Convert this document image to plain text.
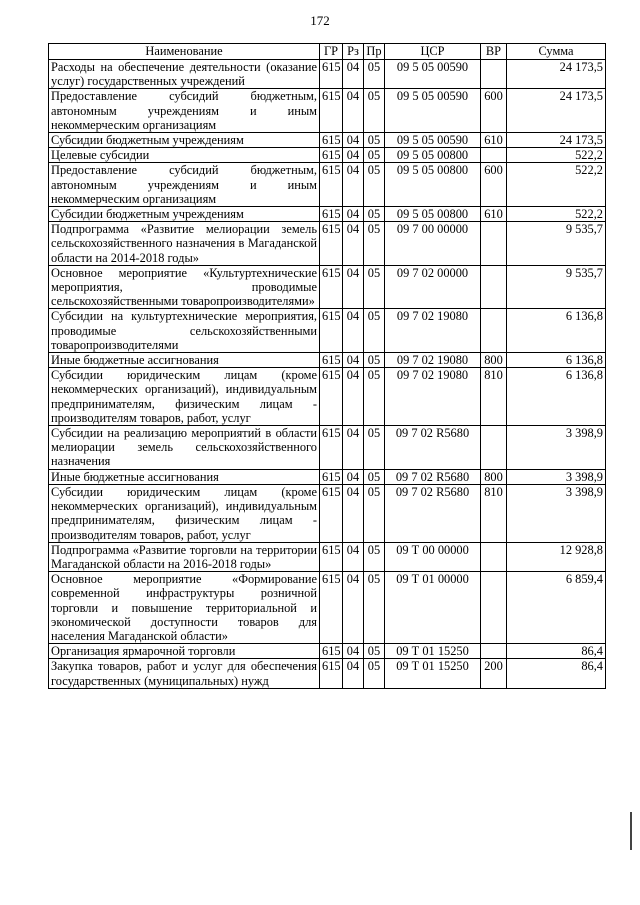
172
Наименование	ГР	Рз	Пр	ЦСР	ВР	Сумма
Расходы на обеспечение деятельности (оказание услуг) государственных учреждений	615	04	05	09 5 05 00590		24 173,5
Предоставление субсидий бюджетным, автономным учреждениям и иным некоммерческим организациям	615	04	05	09 5 05 00590	600	24 173,5
Субсидии бюджетным учреждениям	615	04	05	09 5 05 00590	610	24 173,5
Целевые субсидии	615	04	05	09 5 05 00800		522,2
Предоставление субсидий бюджетным, автономным учреждениям и иным некоммерческим организациям	615	04	05	09 5 05 00800	600	522,2
Субсидии бюджетным учреждениям	615	04	05	09 5 05 00800	610	522,2
Подпрограмма «Развитие мелиорации земель сельскохозяйственного назначения в Магаданской области на 2014-2018 годы»	615	04	05	09 7 00 00000		9 535,7
Основное мероприятие «Культуртехнические мероприятия, проводимые сельскохозяйственными товаропроизводителями»	615	04	05	09 7 02 00000		9 535,7
Субсидии на культуртехнические мероприятия, проводимые сельскохозяйственными товаропроизводителями	615	04	05	09 7 02 19080		6 136,8
Иные бюджетные ассигнования	615	04	05	09 7 02 19080	800	6 136,8
Субсидии юридическим лицам (кроме некоммерческих организаций), индивидуальным предпринимателям, физическим лицам - производителям товаров, работ, услуг	615	04	05	09 7 02 19080	810	6 136,8
Субсидии на реализацию мероприятий в области мелиорации земель сельскохозяйственного назначения	615	04	05	09 7 02 R5680		3 398,9
Иные бюджетные ассигнования	615	04	05	09 7 02 R5680	800	3 398,9
Субсидии юридическим лицам (кроме некоммерческих организаций), индивидуальным предпринимателям, физическим лицам - производителям товаров, работ, услуг	615	04	05	09 7 02 R5680	810	3 398,9
Подпрограмма «Развитие торговли на территории Магаданской области на 2016-2018 годы»	615	04	05	09 Т 00 00000		12 928,8
Основное мероприятие «Формирование современной инфраструктуры розничной торговли и повышение территориальной и экономической доступности товаров для населения Магаданской области»	615	04	05	09 Т 01 00000		6 859,4
Организация ярмарочной торговли	615	04	05	09 Т 01 15250		86,4
Закупка товаров, работ и услуг для обеспечения государственных (муниципальных) нужд	615	04	05	09 Т 01 15250	200	86,4
